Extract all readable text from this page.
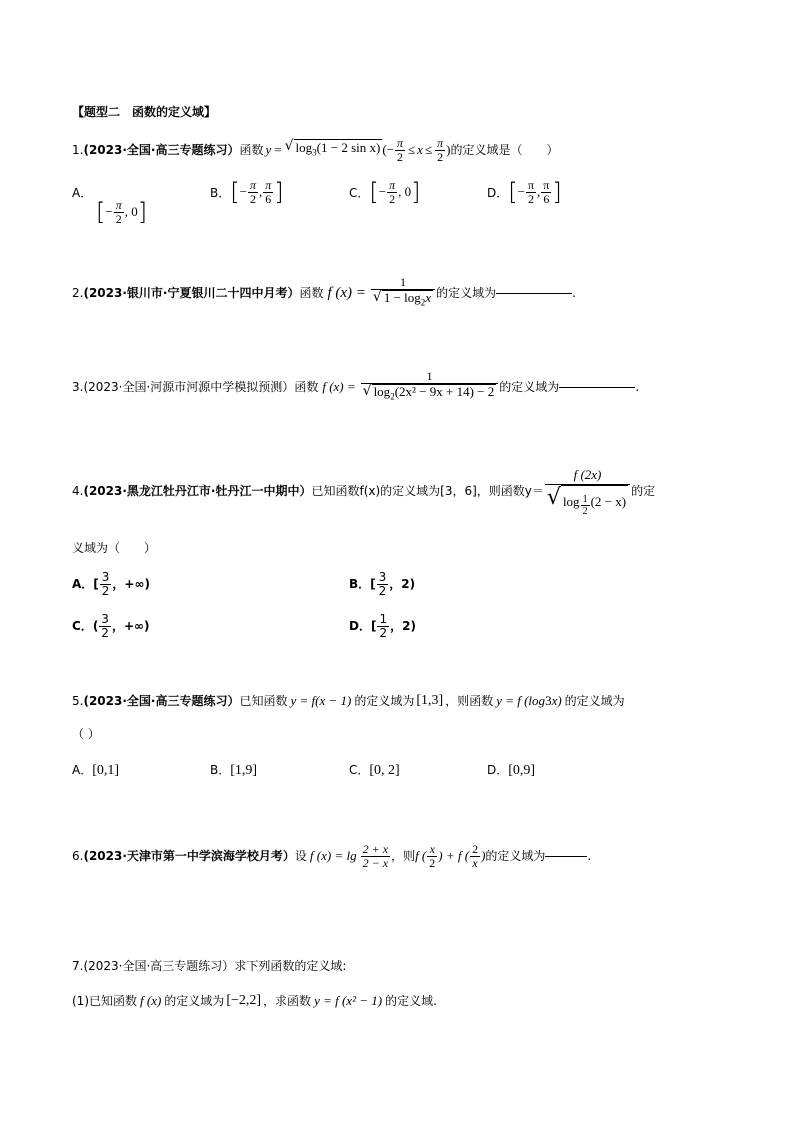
【题型二　函数的定义域】
1. (2023·全国·高三专题练习） 函数 y = √ $\log_3(1 - 2$ sin x) (− $\frac{\pi}{2} \le x \le \frac{\pi}{2}$ ) 的定义域是（　　）
A．
[ − $\frac{\pi}{2}$ , 0 ]
B． [ − $\frac{\pi}{2}$ , $\frac{\pi}{6}$ ]	C． [ − $\frac{\pi}{2}$ , 0 ]	D． [ − $\frac{\pi}{2}$ , $\frac{\pi}{6}$ ]
2. (2023·银川市·宁夏银川二十四中月考） 函数 f $(x) = \frac{1}{√ 1 - \log_2x}$ 的定义域为	.
3. (2023·全国·河源市河源中学模拟预测） 函数 f $(x) = \frac{1}{√ \log_2(2x^2 - 9x + 14) - 2}$ 的定义域为	.
4. (2023·黑龙江牡丹江市·牡丹江一中期中） 已知函数f(x)的定义域为[3，6]，则函数$y= \frac{f (2x)}{√ \log \frac{1}{2} (2 - x)}$ 的定
义域为（　　）
A． [ $\frac{3}{2}$ ，+∞)	B． [ $\frac{3}{2}$ ，2)
C． ( $\frac{3}{2}$ ，+∞)	D． [ $\frac{1}{2}$ ，2)
5. (2023·全国·高三专题练习） 已知函数 y = f(x − 1) 的定义域为 [1,3] ，则函数 y = f (log 3 x) 的定义域为
（ ）
A．[0,1]	B．[1,9]	C．[0, 2]	D．[0,9]
6. (2023·天津市第一中学滨海学校月考） 设 f $(x) = \lg \frac{2 + x}{2 - x}$ ，则 f ( $\frac{x}{2}$ ) + f ( $\frac{2}{x}$ ) 的定义域为	.
7.(2023·全国·高三专题练习）求下列函数的定义域:
(1)已知函数 f (x) 的定义域为 [−2,2] ，求函数 y = f (x² − 1) 的定义域.
